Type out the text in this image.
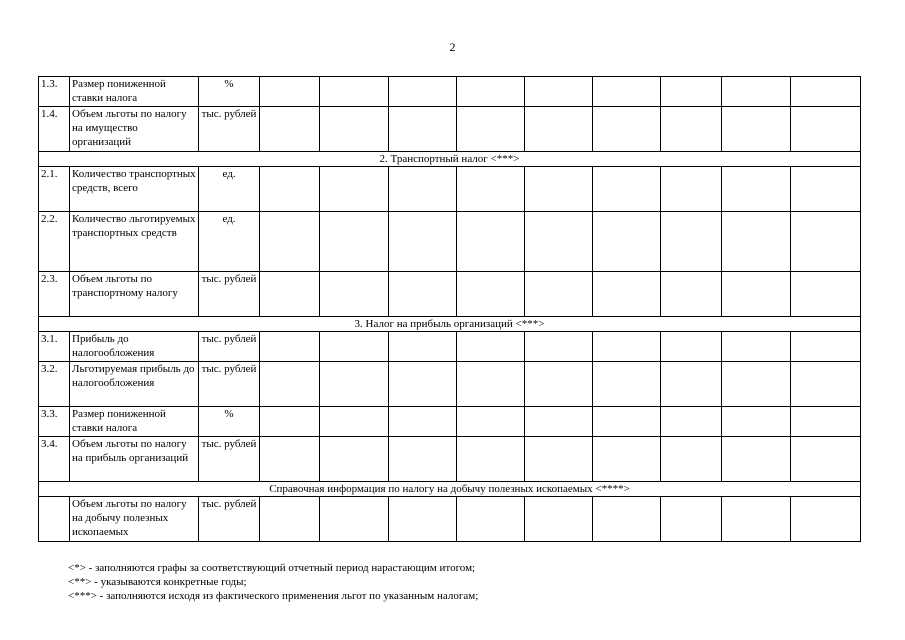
2
1.3.	Размер пониженной ставки налога	%									
1.4.	Объем льготы по налогу на имущество организаций	тыс. рублей									
2. Транспортный налог <***>											
2.1.	Количество транспортных средств, всего	ед.									
2.2.	Количество льготируемых транспортных средств	ед.									
2.3.	Объем льготы по транспортному налогу	тыс. рублей									
3. Налог на прибыль организаций <***>											
3.1.	Прибыль до налогообложения	тыс. рублей									
3.2.	Льготируемая прибыль до налогообложения	тыс. рублей									
3.3.	Размер пониженной ставки налога	%									
3.4.	Объем льготы по налогу на прибыль организаций	тыс. рублей									
Справочная информация по налогу на добычу полезных ископаемых <****>											
	Объем льготы по налогу на добычу полезных ископаемых	тыс. рублей									
<*> - заполняются графы за соответствующий отчетный период нарастающим итогом;
<**> - указываются конкретные годы;
<***> - заполняются исходя из фактического применения льгот по указанным налогам;
